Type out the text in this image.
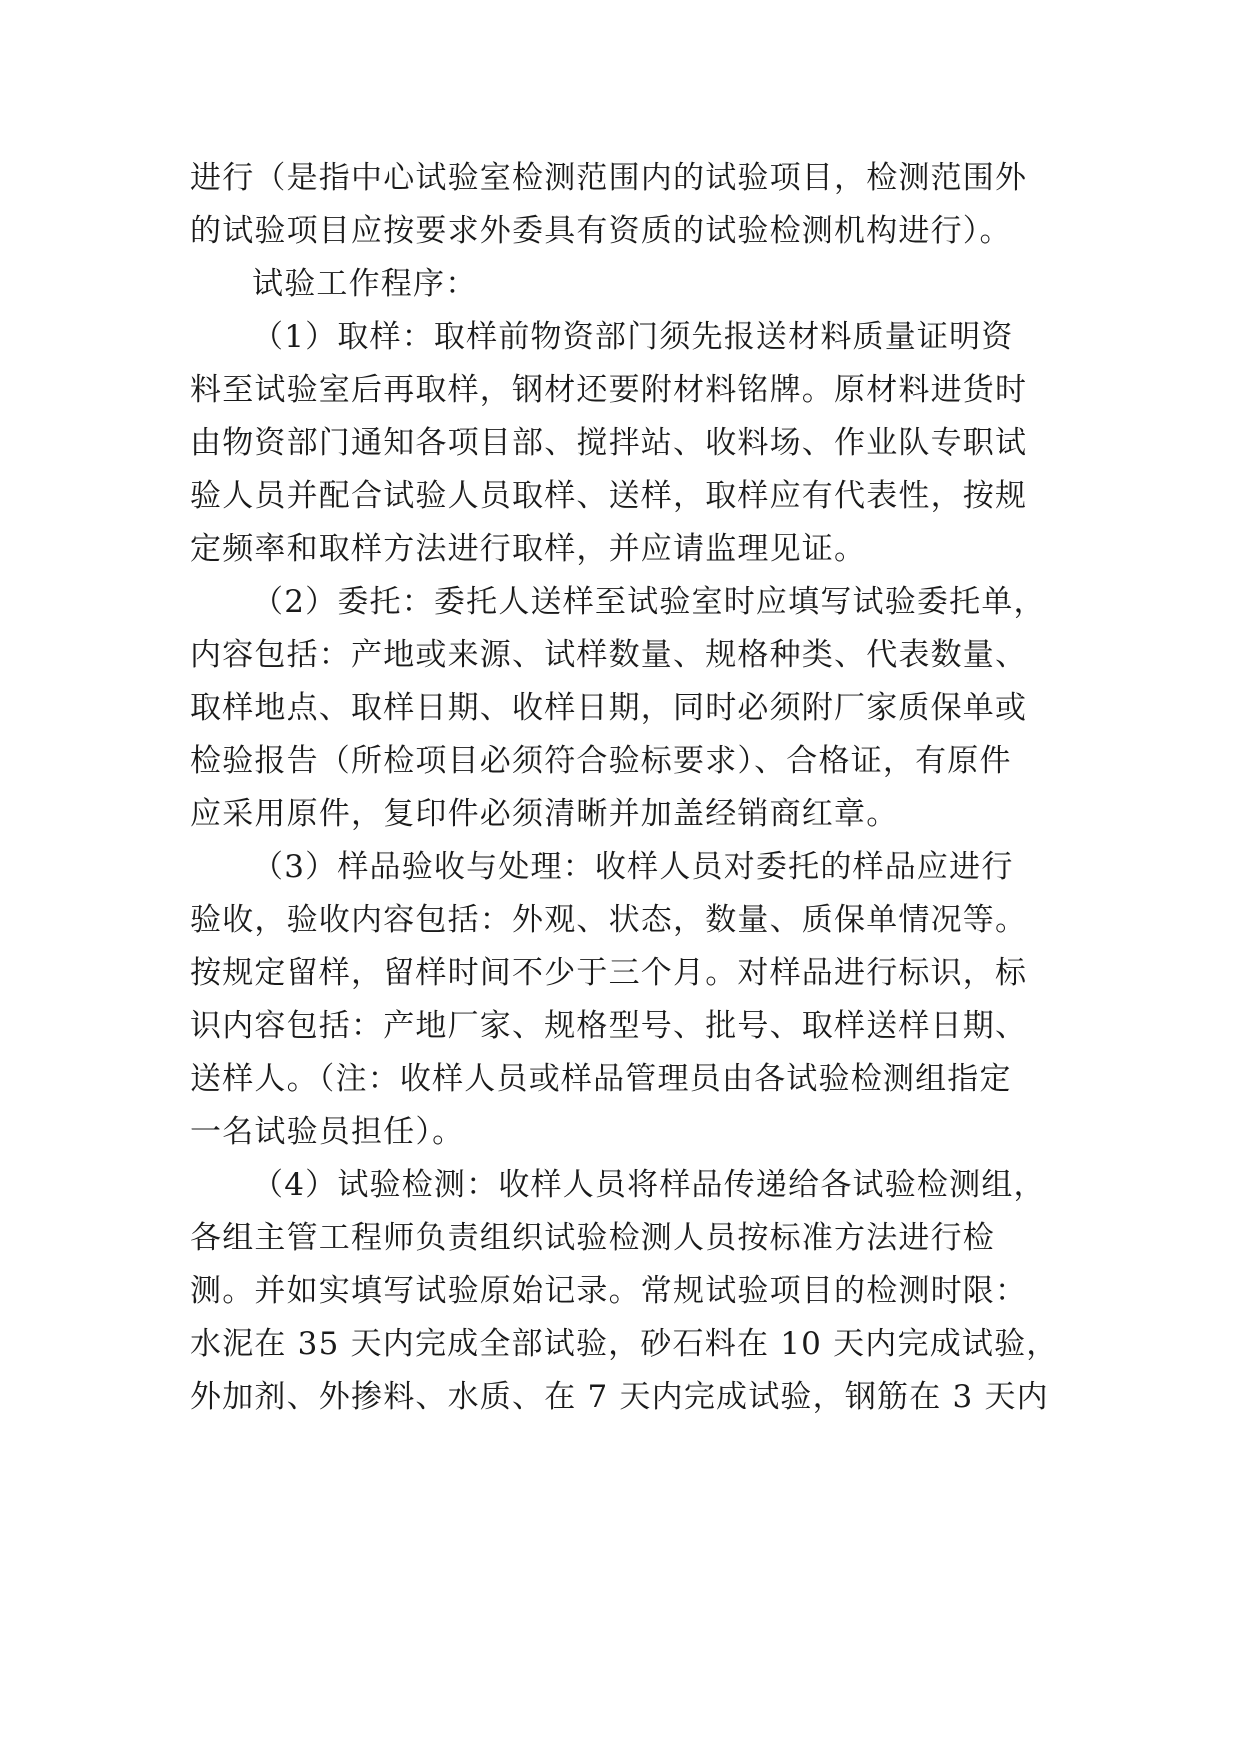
进行（是指中心试验室检测范围内的试验项目，检测范围外
的试验项目应按要求外委具有资质的试验检测机构进行）。
试验工作程序：
（1）取样：取样前物资部门须先报送材料质量证明资
料至试验室后再取样，钢材还要附材料铭牌。原材料进货时
由物资部门通知各项目部、搅拌站、收料场、作业队专职试
验人员并配合试验人员取样、送样，取样应有代表性，按规
定频率和取样方法进行取样，并应请监理见证。
（2）委托：委托人送样至试验室时应填写试验委托单，
内容包括：产地或来源、试样数量、规格种类、代表数量、
取样地点、取样日期、收样日期，同时必须附厂家质保单或
检验报告（所检项目必须符合验标要求）、合格证，有原件
应采用原件，复印件必须清晰并加盖经销商红章。
（3）样品验收与处理：收样人员对委托的样品应进行
验收，验收内容包括：外观、状态，数量、质保单情况等。
按规定留样，留样时间不少于三个月。对样品进行标识，标
识内容包括：产地厂家、规格型号、批号、取样送样日期、
送样人。（注：收样人员或样品管理员由各试验检测组指定
一名试验员担任）。
（4）试验检测：收样人员将样品传递给各试验检测组，
各组主管工程师负责组织试验检测人员按标准方法进行检
测。并如实填写试验原始记录。常规试验项目的检测时限：
水泥在 35 天内完成全部试验，砂石料在 10 天内完成试验，
外加剂、外掺料、水质、在 7 天内完成试验，钢筋在 3 天内
